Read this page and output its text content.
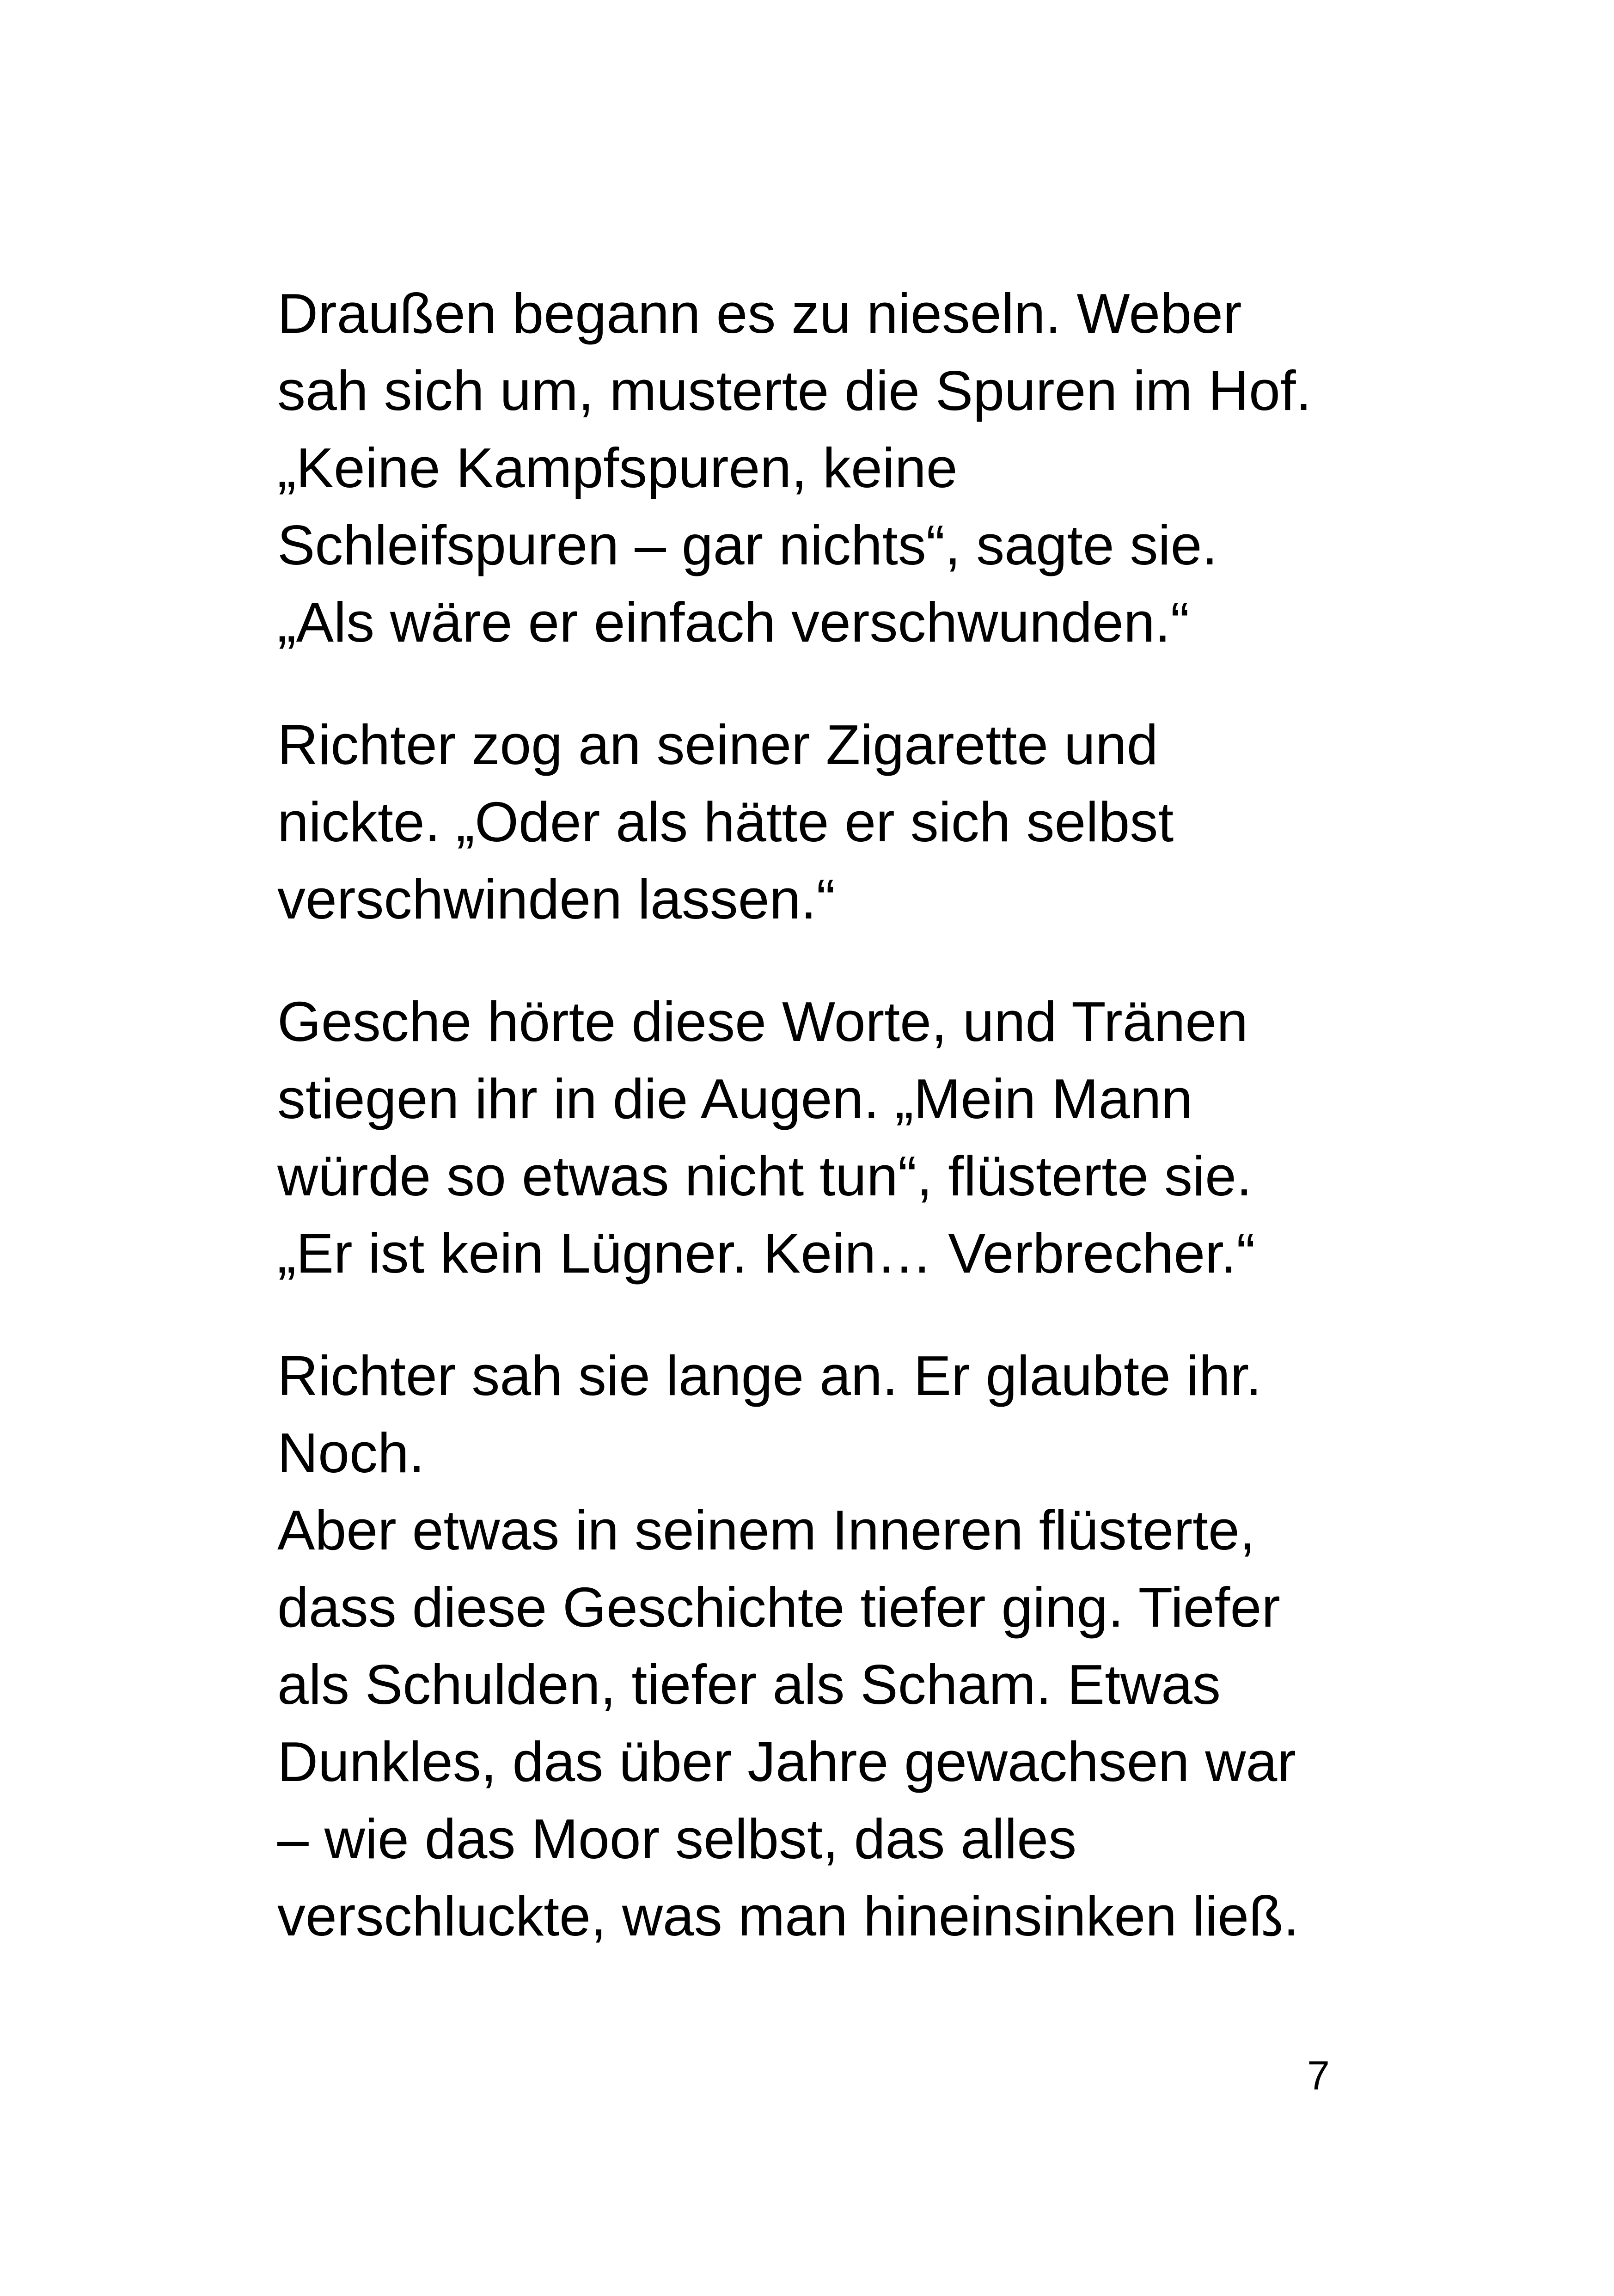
Draußen begann es zu nieseln. Weber
sah sich um, musterte die Spuren im Hof.
„Keine Kampfspuren, keine
Schleifspuren – gar nichts“, sagte sie.
„Als wäre er einfach verschwunden.“
Richter zog an seiner Zigarette und
nickte. „Oder als hätte er sich selbst
verschwinden lassen.“
Gesche hörte diese Worte, und Tränen
stiegen ihr in die Augen. „Mein Mann
würde so etwas nicht tun“, flüsterte sie.
„Er ist kein Lügner. Kein… Verbrecher.“
Richter sah sie lange an. Er glaubte ihr.
Noch.
Aber etwas in seinem Inneren flüsterte,
dass diese Geschichte tiefer ging. Tiefer
als Schulden, tiefer als Scham. Etwas
Dunkles, das über Jahre gewachsen war
– wie das Moor selbst, das alles
verschluckte, was man hineinsinken ließ.
7
